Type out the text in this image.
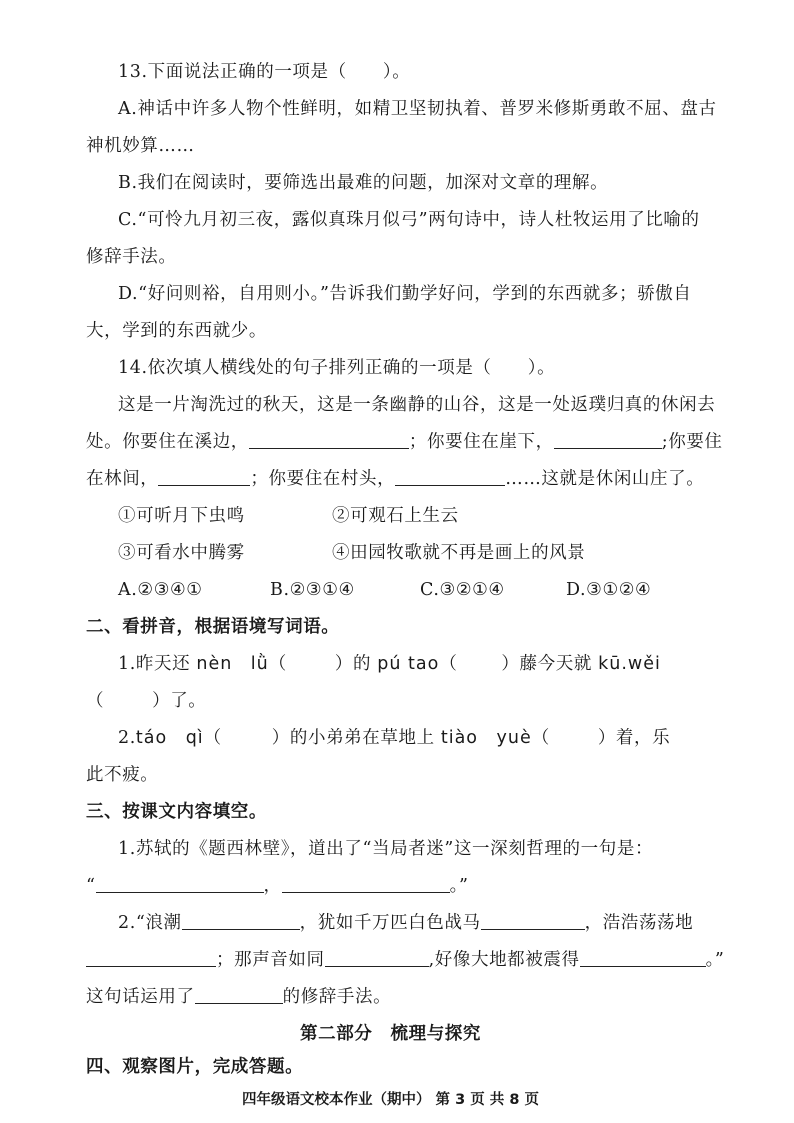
13.下面说法正确的一项是（　　）。
A.神话中许多人物个性鲜明，如精卫坚韧执着、普罗米修斯勇敢不屈、盘古
神机妙算……
B.我们在阅读时，要筛选出最难的问题，加深对文章的理解。
C.“可怜九月初三夜，露似真珠月似弓”两句诗中，诗人杜牧运用了比喻的
修辞手法。
D.“好问则裕，自用则小。”告诉我们勤学好问，学到的东西就多；骄傲自
大，学到的东西就少。
14.依次填人横线处的句子排列正确的一项是（　　）。
这是一片淘洗过的秋天，这是一条幽静的山谷，这是一处返璞归真的休闲去
处。你要住在溪边，	；你要住在崖下，	;你要住
在林间，	；你要住在村头，	……这就是休闲山庄了。
①可听月下虫鸣	②可观石上生云
③可看水中腾雾	④田园牧歌就不再是画上的风景
A.②③④①	B.②③①④	C.③②①④	D.③①②④
二、看拼音，根据语境写词语。
1.昨天还 nèn　lǜ（	）的 pú tao（	）藤今天就 kū.wěi
（	）了。
2.táo　qì（	）的小弟弟在草地上 tiào　yuè（	）着，乐
此不疲。
三、按课文内容填空。
1.苏轼的《题西林壁》，道出了“当局者迷”这一深刻哲理的一句是：
“	，	。”
2.“浪潮	，犹如千万匹白色战马	，浩浩荡荡地
；那声音如同	,好像大地都被震得	。”
这句话运用了	的修辞手法。
第二部分　梳理与探究
四、观察图片，完成答题。
四年级语文校本作业（期中） 第 3 页 共 8 页
